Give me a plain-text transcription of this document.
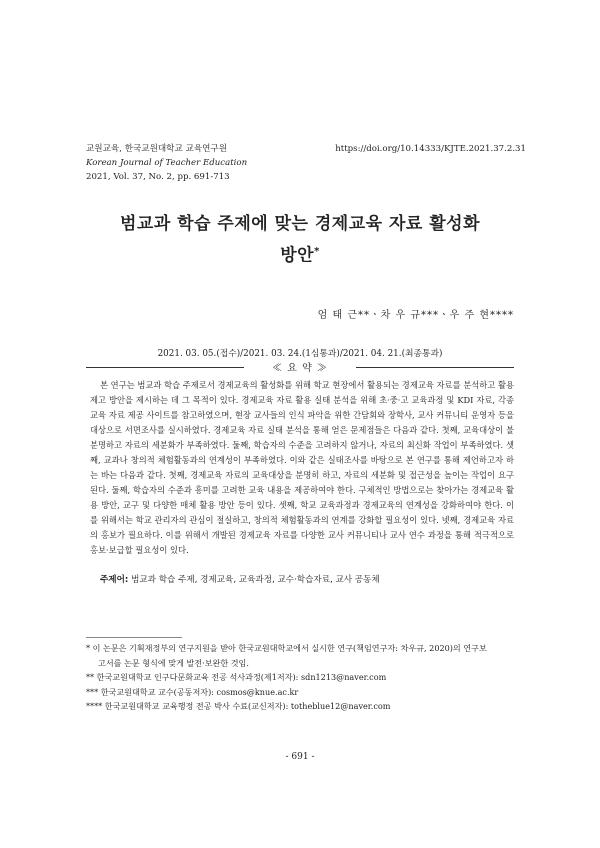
교원교육, 한국교원대학교 교육연구원
Korean Journal of Teacher Education
2021, Vol. 37, No. 2, pp. 691-713
https://doi.org/10.14333/KJTE.2021.37.2.31
범교과 학습 주제에 맞는 경제교육 자료 활성화
방안*
엄 태 근**ㆍ차 우 규***ㆍ우 주 현****
2021. 03. 05.(접수)/2021. 03. 24.(1심통과)/2021. 04. 21.(최종통과)
≪ 요 약 ≫

본 연구는 범교과 학습 주제로서 경제교육의 활성화를 위해 학교 현장에서 활용되는 경제교육 자료를 분석하고 활용 제고 방안을 제시하는 데 그 목적이 있다. 경제교육 자료 활용 실태 분석을 위해 초·중·고 교육과정 및 KDI 자료, 각종 교육 자료 제공 사이트를 참고하였으며, 현장 교사들의 인식 파악을 위한 간담회와 장학사, 교사 커뮤니티 운영자 등을 대상으로 서면조사를 실시하였다. 경제교육 자료 실태 분석을 통해 얻은 문제점들은 다음과 같다. 첫째, 교육대상이 불분명하고 자료의 세분화가 부족하였다. 둘째, 학습자의 수준을 고려하지 않거나, 자료의 최신화 작업이 부족하였다. 셋째, 교과나 창의적 체험활동과의 연계성이 부족하였다. 이와 같은 실태조사를 바탕으로 본 연구를 통해 제언하고자 하는 바는 다음과 같다. 첫째, 경제교육 자료의 교육대상을 분명히 하고, 자료의 세분화 및 접근성을 높이는 작업이 요구된다. 둘째, 학습자의 수준과 흥미를 고려한 교육 내용을 제공하여야 한다. 구체적인 방법으로는 찾아가는 경제교육 활용 방안, 교구 및 다양한 매체 활용 방안 등이 있다. 셋째, 학교 교육과정과 경제교육의 연계성을 강화하여야 한다. 이를 위해서는 학교 관리자의 관심이 절실하고, 창의적 체험활동과의 연계를 강화할 필요성이 있다. 넷째, 경제교육 자료의 홍보가 필요하다. 이를 위해서 개발된 경제교육 자료를 다양한 교사 커뮤니티나 교사 연수 과정을 통해 적극적으로 홍보·보급할 필요성이 있다.

주제어: 범교과 학습 주제, 경제교육, 교육과정, 교수·학습자료, 교사 공동체
* 이 논문은 기획재정부의 연구지원을 받아 한국교원대학교에서 실시한 연구(책임연구자: 차우규, 2020)의 연구보
고서를 논문 형식에 맞게 발전·보완한 것임.
** 한국교원대학교 인구다문화교육 전공 석사과정(제1저자): sdn1213@naver.com
*** 한국교원대학교 교수(공동저자): cosmos@knue.ac.kr
**** 한국교원대학교 교육행정 전공 박사 수료(교신저자): totheblue12@naver.com
- 691 -
